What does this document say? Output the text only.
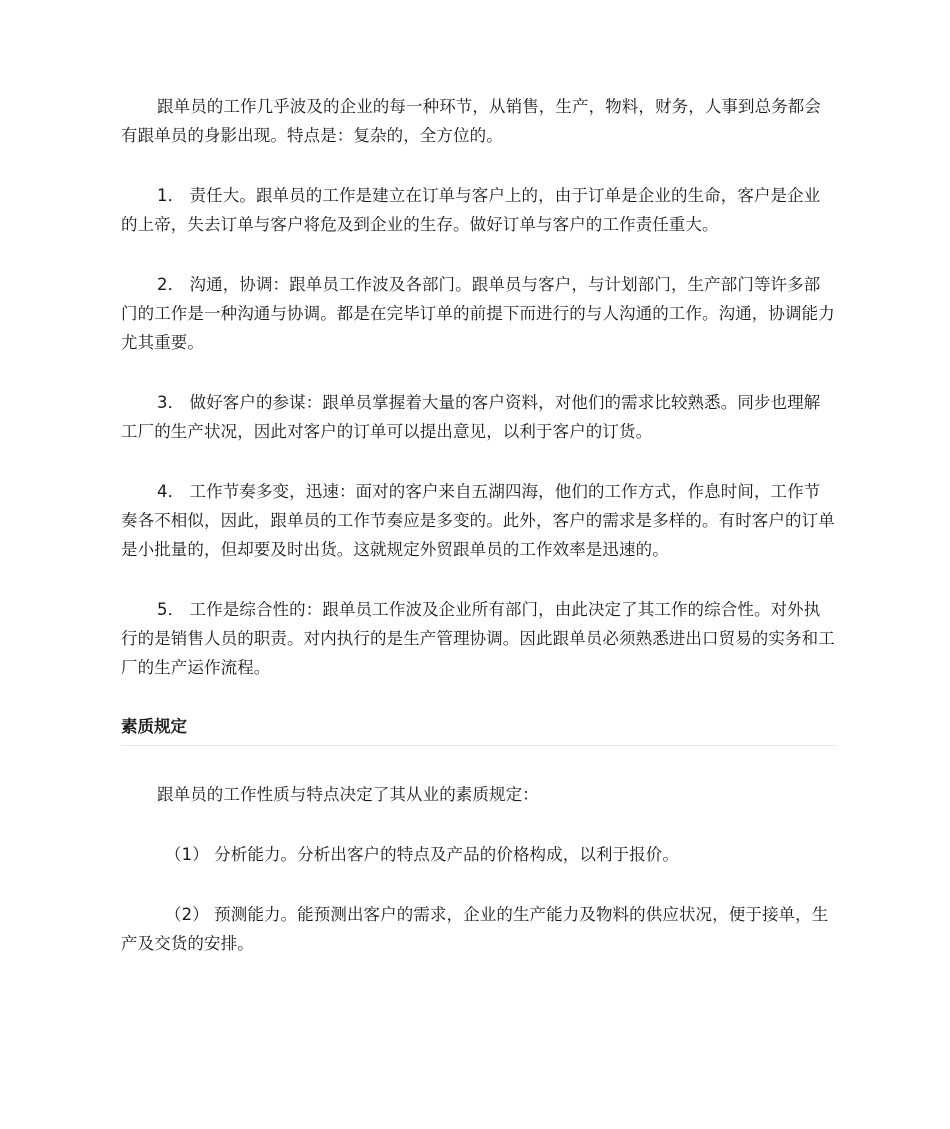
跟单员的工作几乎波及的企业的每一种环节，从销售，生产，物料，财务，人事到总务都会有跟单员的身影出现。特点是：复杂的，全方位的。

1． 责任大。跟单员的工作是建立在订单与客户上的，由于订单是企业的生命，客户是企业的上帝，失去订单与客户将危及到企业的生存。做好订单与客户的工作责任重大。

2． 沟通，协调：跟单员工作波及各部门。跟单员与客户，与计划部门，生产部门等许多部门的工作是一种沟通与协调。都是在完毕订单的前提下而进行的与人沟通的工作。沟通，协调能力尤其重要。

3． 做好客户的参谋：跟单员掌握着大量的客户资料，对他们的需求比较熟悉。同步也理解工厂的生产状况，因此对客户的订单可以提出意见，以利于客户的订货。

4． 工作节奏多变，迅速：面对的客户来自五湖四海，他们的工作方式，作息时间，工作节奏各不相似，因此，跟单员的工作节奏应是多变的。此外，客户的需求是多样的。有时客户的订单是小批量的，但却要及时出货。这就规定外贸跟单员的工作效率是迅速的。

5． 工作是综合性的：跟单员工作波及企业所有部门，由此决定了其工作的综合性。对外执行的是销售人员的职责。对内执行的是生产管理协调。因此跟单员必须熟悉进出口贸易的实务和工厂的生产运作流程。

素质规定

跟单员的工作性质与特点决定了其从业的素质规定：

（1） 分析能力。分析出客户的特点及产品的价格构成，以利于报价。

（2） 预测能力。能预测出客户的需求，企业的生产能力及物料的供应状况，便于接单，生产及交货的安排。
